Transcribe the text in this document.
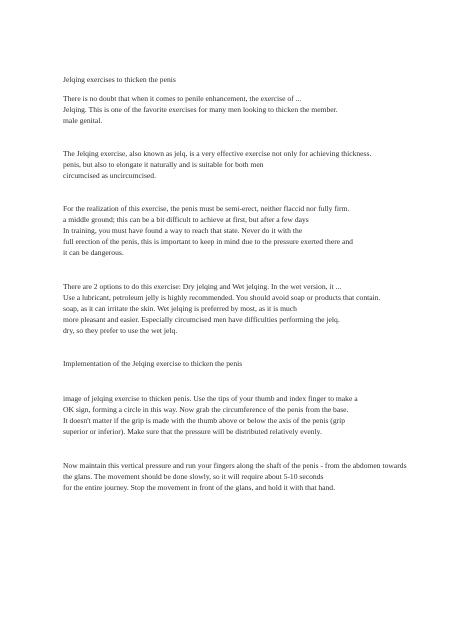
Jelqing exercises to thicken the penis

There is no doubt that when it comes to penile enhancement, the exercise of ...
Jelqing. This is one of the favorite exercises for many men looking to thicken the member.
male genital.

The Jelqing exercise, also known as jelq, is a very effective exercise not only for achieving thickness.
penis, but also to elongate it naturally and is suitable for both men
circumcised as uncircumcised.

For the realization of this exercise, the penis must be semi-erect, neither flaccid nor fully firm.
a middle ground; this can be a bit difficult to achieve at first, but after a few days
In training, you must have found a way to reach that state. Never do it with the
full erection of the penis, this is important to keep in mind due to the pressure exerted there and
it can be dangerous.

There are 2 options to do this exercise: Dry jelqing and Wet jelqing. In the wet version, it ...
Use a lubricant, petroleum jelly is highly recommended. You should avoid soap or products that contain.
soap, as it can irritate the skin. Wet jelqing is preferred by most, as it is much
more pleasant and easier. Especially circumcised men have difficulties performing the jelq.
dry, so they prefer to use the wet jelq.

Implementation of the Jelqing exercise to thicken the penis

image of jelqing exercise to thicken penis. Use the tips of your thumb and index finger to make a
OK sign, forming a circle in this way. Now grab the circumference of the penis from the base.
It doesn't matter if the grip is made with the thumb above or below the axis of the penis (grip
superior or inferior). Make sure that the pressure will be distributed relatively evenly.

Now maintain this vertical pressure and run your fingers along the shaft of the penis - from the abdomen towards
the glans. The movement should be done slowly, so it will require about 5-10 seconds
for the entire journey. Stop the movement in front of the glans, and hold it with that hand.
